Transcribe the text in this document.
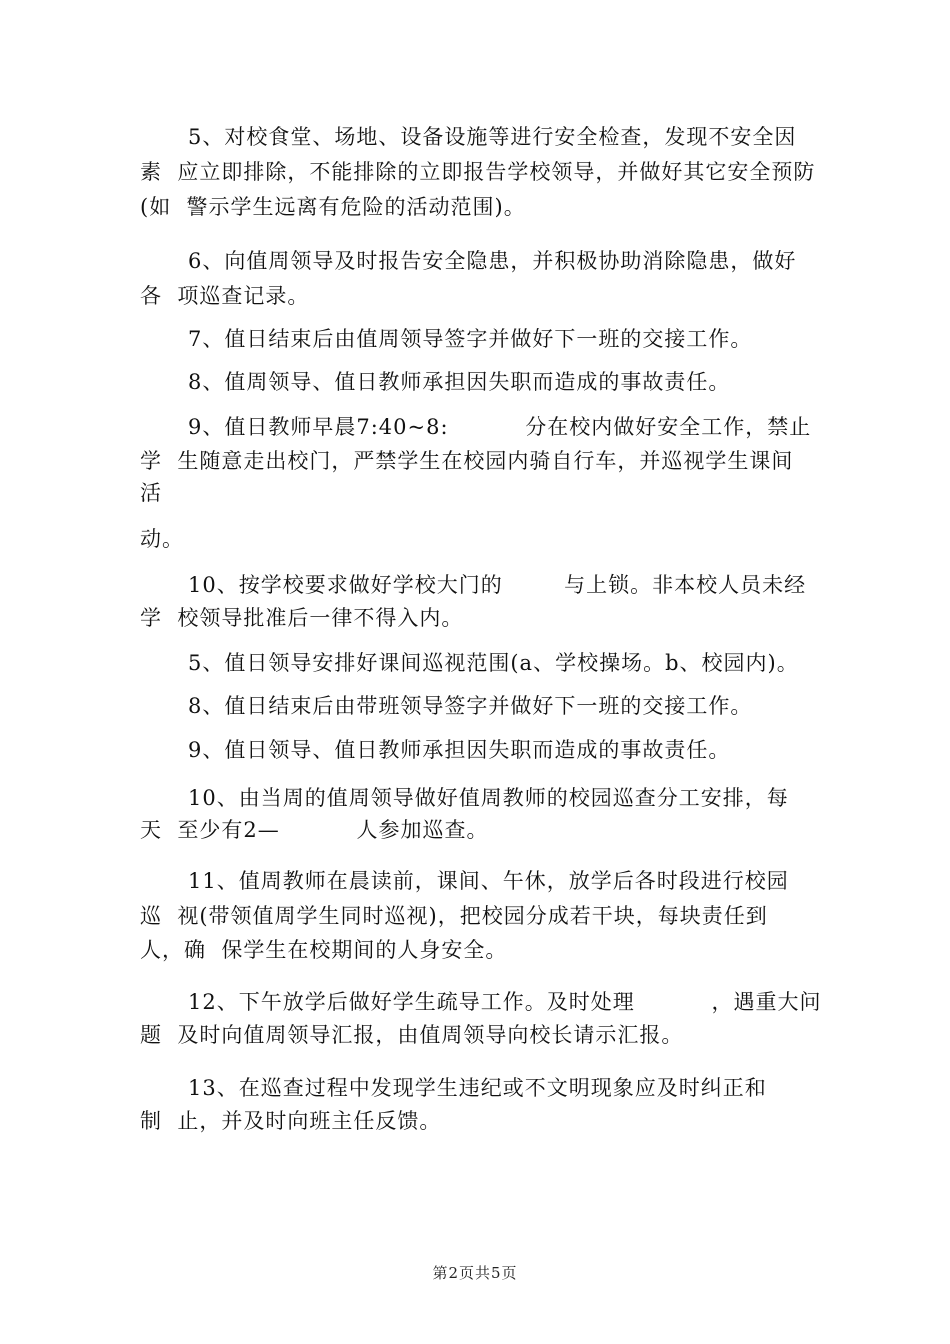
5、对校食堂、场地、设备设施等进行安全检查，发现不安全因
素  应立即排除，不能排除的立即报告学校领导，并做好其它安全预防
(如  警示学生远离有危险的活动范围)。
6、向值周领导及时报告安全隐患，并积极协助消除隐患，做好
各  项巡查记录。
7、值日结束后由值周领导签字并做好下一班的交接工作。
8、值周领导、值日教师承担因失职而造成的事故责任。
9、值日教师早晨7:40~8:          分在校内做好安全工作，禁止
学  生随意走出校门，严禁学生在校园内骑自行车，并巡视学生课间
活
动。
10、按学校要求做好学校大门的        与上锁。非本校人员未经
学  校领导批准后一律不得入内。
5、值日领导安排好课间巡视范围(a、学校操场。b、校园内)。
8、值日结束后由带班领导签字并做好下一班的交接工作。
9、值日领导、值日教师承担因失职而造成的事故责任。
10、由当周的值周领导做好值周教师的校园巡查分工安排，每
天  至少有2—          人参加巡查。
11、值周教师在晨读前，课间、午休，放学后各时段进行校园
巡  视(带领值周学生同时巡视)，把校园分成若干块，每块责任到
人，确  保学生在校期间的人身安全。
12、下午放学后做好学生疏导工作。及时处理          ，遇重大问
题  及时向值周领导汇报，由值周领导向校长请示汇报。
13、在巡查过程中发现学生违纪或不文明现象应及时纠正和
制  止，并及时向班主任反馈。
第2页共5页
